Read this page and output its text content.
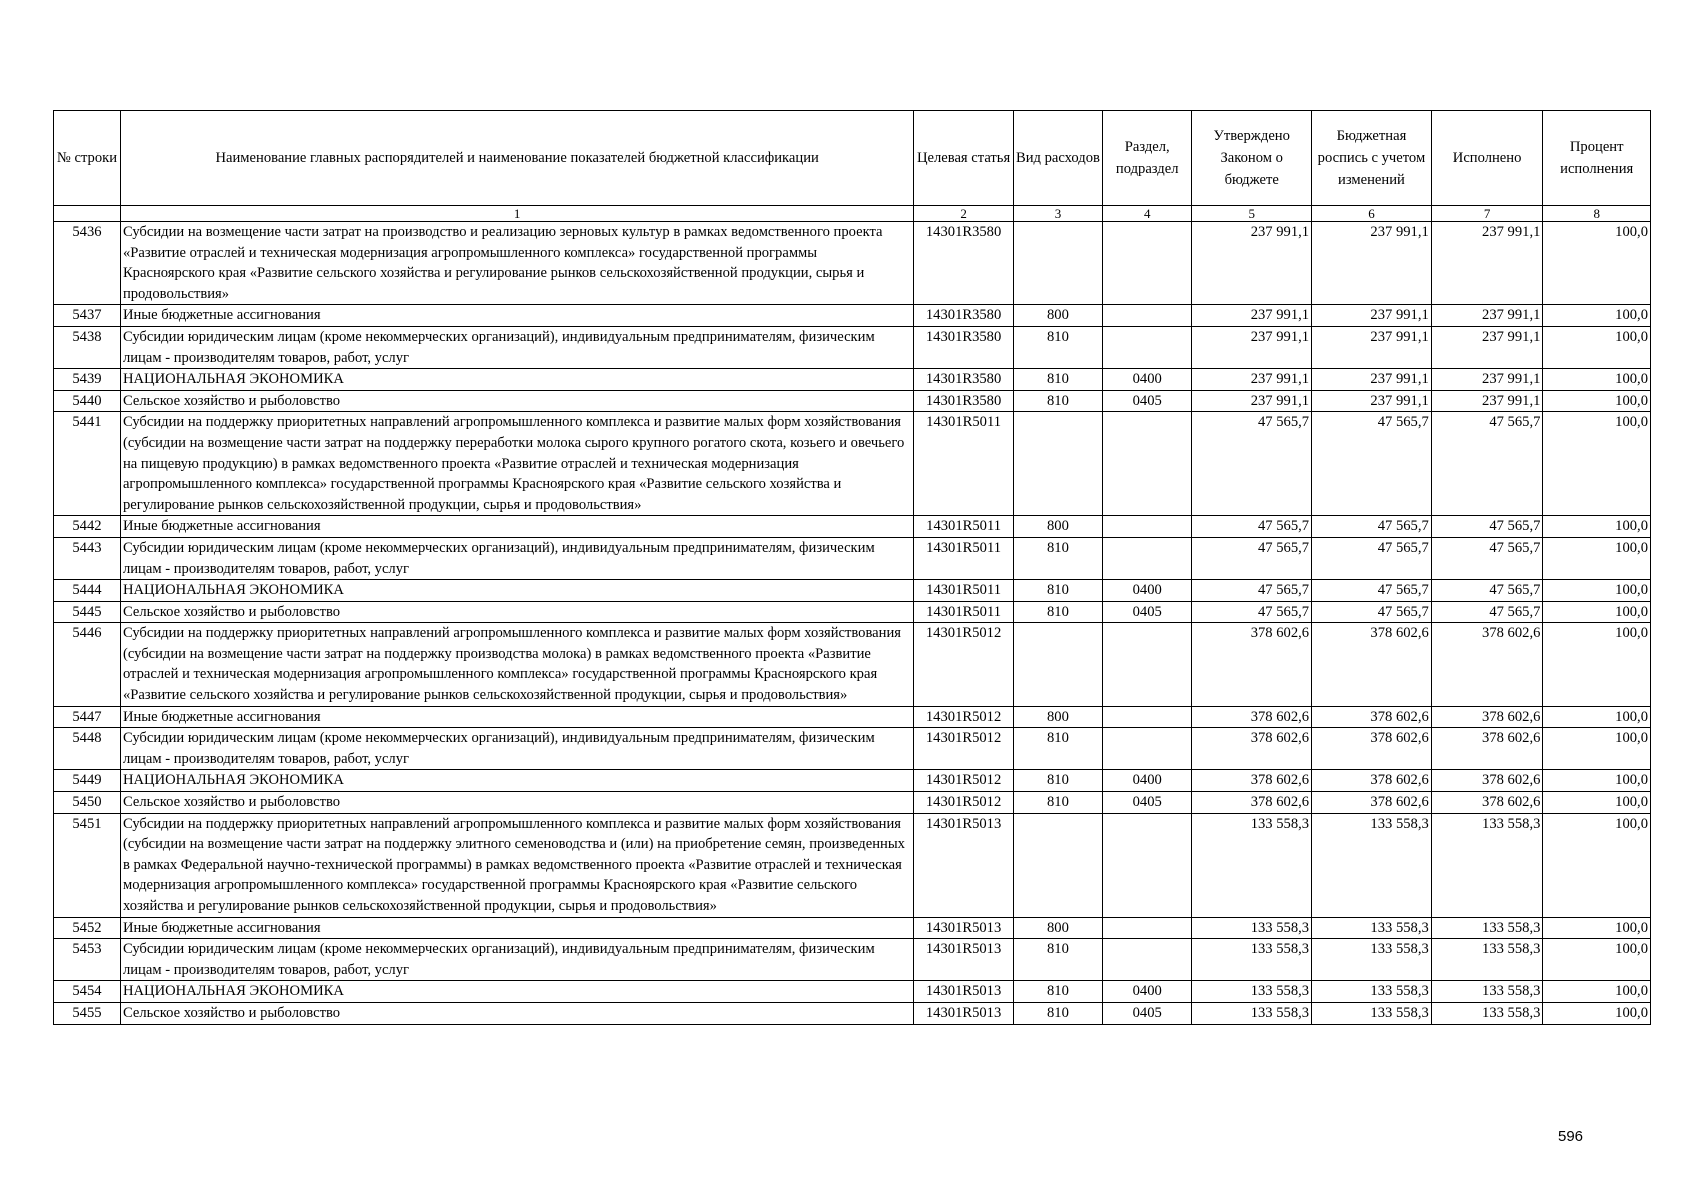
№ строки	Наименование главных распорядителей и наименование показателей бюджетной классификации	Целевая статья	Вид расходов	Раздел, подраздел	Утверждено Законом о бюджете	Бюджетная роспись с учетом изменений	Исполнено	Процент исполнения
	1	2	3	4	5	6	7	8
5436	Субсидии на возмещение части затрат на производство и реализацию зерновых культур в рамках ведомственного проекта «Развитие отраслей и техническая модернизация агропромышленного комплекса» государственной программы Красноярского края «Развитие сельского хозяйства и регулирование рынков сельскохозяйственной продукции, сырья и продовольствия»	14301R3580			237 991,1	237 991,1	237 991,1	100,0
5437	Иные бюджетные ассигнования	14301R3580	800		237 991,1	237 991,1	237 991,1	100,0
5438	Субсидии юридическим лицам (кроме некоммерческих организаций), индивидуальным предпринимателям, физическим лицам - производителям товаров, работ, услуг	14301R3580	810		237 991,1	237 991,1	237 991,1	100,0
5439	НАЦИОНАЛЬНАЯ ЭКОНОМИКА	14301R3580	810	0400	237 991,1	237 991,1	237 991,1	100,0
5440	Сельское хозяйство и рыболовство	14301R3580	810	0405	237 991,1	237 991,1	237 991,1	100,0
5441	Субсидии на поддержку приоритетных направлений агропромышленного комплекса и развитие малых форм хозяйствования (субсидии на возмещение части затрат на поддержку переработки молока сырого крупного рогатого скота, козьего и овечьего на пищевую продукцию) в рамках ведомственного проекта «Развитие отраслей и техническая модернизация агропромышленного комплекса» государственной программы Красноярского края «Развитие сельского хозяйства и регулирование рынков сельскохозяйственной продукции, сырья и продовольствия»	14301R5011			47 565,7	47 565,7	47 565,7	100,0
5442	Иные бюджетные ассигнования	14301R5011	800		47 565,7	47 565,7	47 565,7	100,0
5443	Субсидии юридическим лицам (кроме некоммерческих организаций), индивидуальным предпринимателям, физическим лицам - производителям товаров, работ, услуг	14301R5011	810		47 565,7	47 565,7	47 565,7	100,0
5444	НАЦИОНАЛЬНАЯ ЭКОНОМИКА	14301R5011	810	0400	47 565,7	47 565,7	47 565,7	100,0
5445	Сельское хозяйство и рыболовство	14301R5011	810	0405	47 565,7	47 565,7	47 565,7	100,0
5446	Субсидии на поддержку приоритетных направлений агропромышленного комплекса и развитие малых форм хозяйствования (субсидии на возмещение части затрат на поддержку производства молока) в рамках ведомственного проекта «Развитие отраслей и техническая модернизация агропромышленного комплекса» государственной программы Красноярского края «Развитие сельского хозяйства и регулирование рынков сельскохозяйственной продукции, сырья и продовольствия»	14301R5012			378 602,6	378 602,6	378 602,6	100,0
5447	Иные бюджетные ассигнования	14301R5012	800		378 602,6	378 602,6	378 602,6	100,0
5448	Субсидии юридическим лицам (кроме некоммерческих организаций), индивидуальным предпринимателям, физическим лицам - производителям товаров, работ, услуг	14301R5012	810		378 602,6	378 602,6	378 602,6	100,0
5449	НАЦИОНАЛЬНАЯ ЭКОНОМИКА	14301R5012	810	0400	378 602,6	378 602,6	378 602,6	100,0
5450	Сельское хозяйство и рыболовство	14301R5012	810	0405	378 602,6	378 602,6	378 602,6	100,0
5451	Субсидии на поддержку приоритетных направлений агропромышленного комплекса и развитие малых форм хозяйствования (субсидии на возмещение части затрат на поддержку элитного семеноводства и (или) на приобретение семян, произведенных в рамках Федеральной научно-технической программы) в рамках ведомственного проекта «Развитие отраслей и техническая модернизация агропромышленного комплекса» государственной программы Красноярского края «Развитие сельского хозяйства и регулирование рынков сельскохозяйственной продукции, сырья и продовольствия»	14301R5013			133 558,3	133 558,3	133 558,3	100,0
5452	Иные бюджетные ассигнования	14301R5013	800		133 558,3	133 558,3	133 558,3	100,0
5453	Субсидии юридическим лицам (кроме некоммерческих организаций), индивидуальным предпринимателям, физическим лицам - производителям товаров, работ, услуг	14301R5013	810		133 558,3	133 558,3	133 558,3	100,0
5454	НАЦИОНАЛЬНАЯ ЭКОНОМИКА	14301R5013	810	0400	133 558,3	133 558,3	133 558,3	100,0
5455	Сельское хозяйство и рыболовство	14301R5013	810	0405	133 558,3	133 558,3	133 558,3	100,0
596
